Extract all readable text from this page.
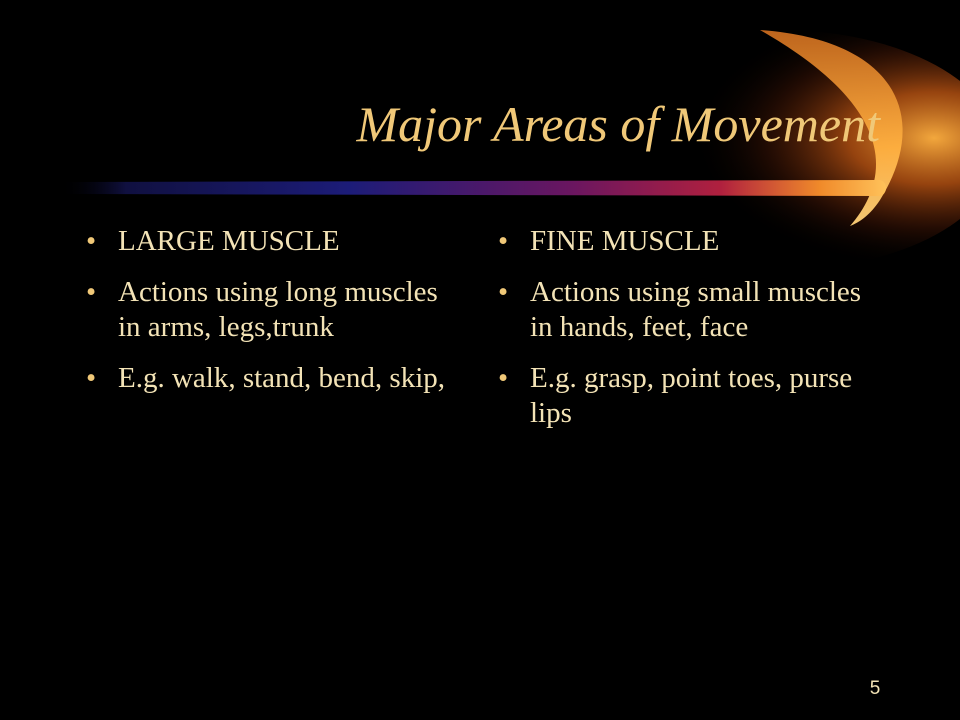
Major Areas of Movement
• LARGE MUSCLE
• Actions using long muscles in arms, legs,trunk
• E.g. walk, stand, bend, skip,
• FINE MUSCLE
• Actions using small muscles in hands, feet, face
• E.g. grasp, point toes, purse lips
5
